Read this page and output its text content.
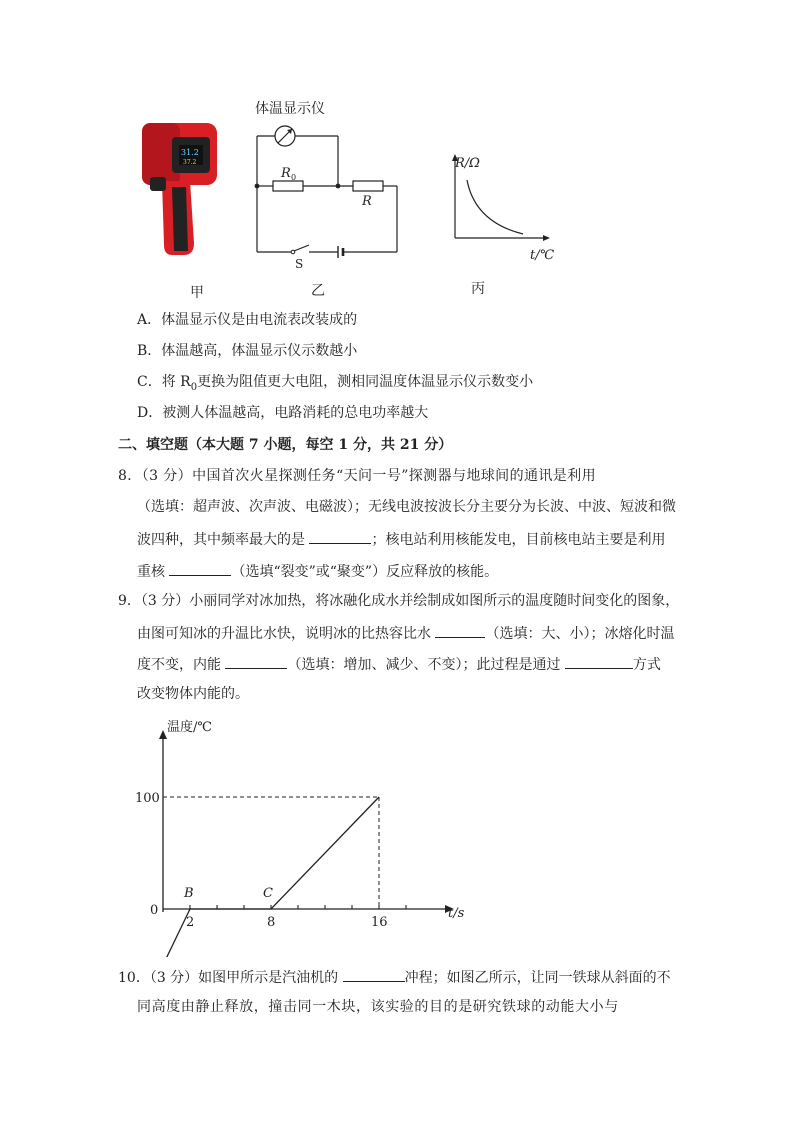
31.2
37.2
体温显示仪
R 0
R
S
R/Ω
t/℃
甲	乙	丙
A．体温显示仪是由电流表改装成的
B．体温越高，体温显示仪示数越小
C．将 $R_0$更换为阻值更大电阻，测相同温度体温显示仪示数变小
D．被测人体温越高，电路消耗的总电功率越大
二、填空题（本大题 7 小题，每空 1 分，共 21 分）
8．（3 分）中国首次火星探测任务“天问一号”探测器与地球间的通讯是利用
（选填：超声波、次声波、电磁波）；无线电波按波长分主要分为长波、中波、短波和微
波四种，其中频率最大的是	；核电站利用核能发电，目前核电站主要是利用
重核	（选填“裂变”或“聚变”）反应释放的核能。
9．（3 分）小丽同学对冰加热，将冰融化成水并绘制成如图所示的温度随时间变化的图象，
由图可知冰的升温比水快，说明冰的比热容比水	（选填：大、小）；冰熔化时温
度不变，内能	（选填：增加、减少、不变）；此过程是通过	方式
改变物体内能的。
温度/℃
t/s
2	8	16
100
0
B	C
10．（3 分）如图甲所示是汽油机的	冲程；如图乙所示，让同一铁球从斜面的不
同高度由静止释放，撞击同一木块，该实验的目的是研究铁球的动能大小与
